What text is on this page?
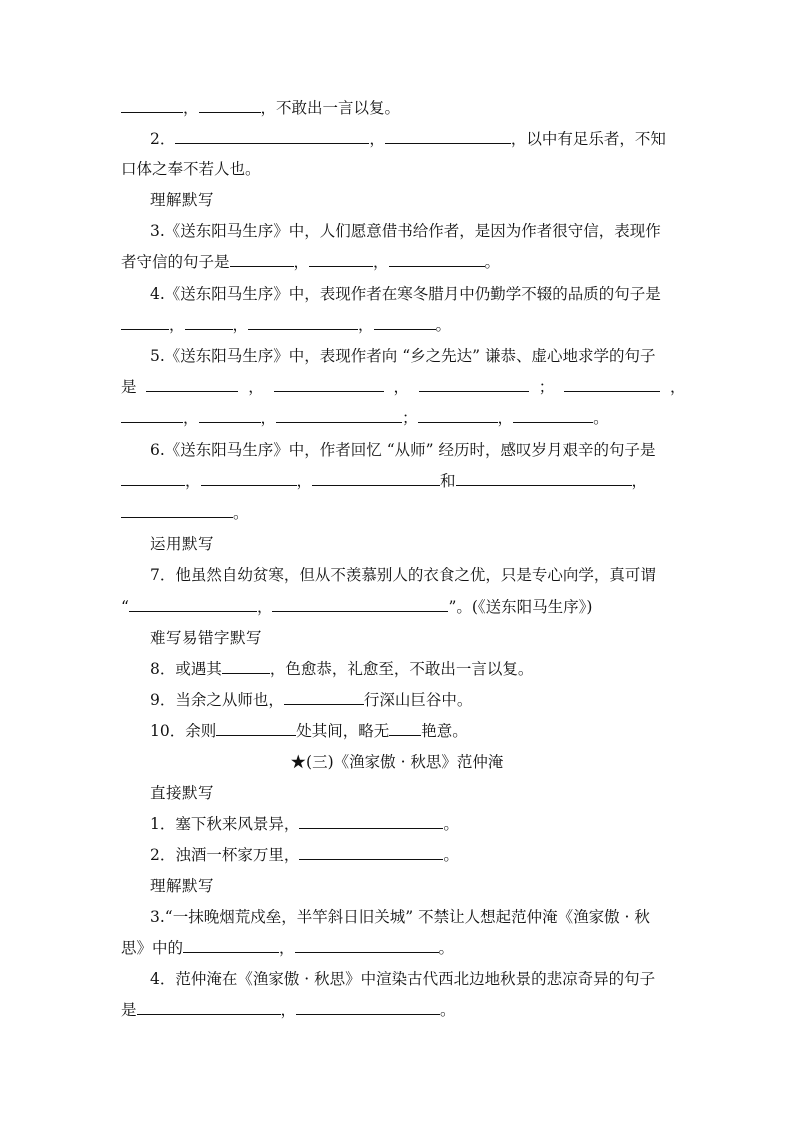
，	，不敢出一言以复。
2．	，	，以中有足乐者，不知
口体之奉不若人也。
理解默写
3.《送东阳马生序》中，人们愿意借书给作者，是因为作者很守信，表现作
者守信的句子是	，	，	。
4.《送东阳马生序》中，表现作者在寒冬腊月中仍勤学不辍的品质的句子是
，	，	，	。
5.《送东阳马生序》中，表现作者向 “乡之先达” 谦恭、虚心地求学的句子
是	，	，	；	，
，	，	；	，	。
6.《送东阳马生序》中，作者回忆 “从师” 经历时，感叹岁月艰辛的句子是
，	，	和	，
。
运用默写
7．他虽然自幼贫寒，但从不羡慕别人的衣食之优，只是专心向学，真可谓
“	，	”。(《送东阳马生序》)
难写易错字默写
8．或遇其	，色愈恭，礼愈至，不敢出一言以复。
9．当余之从师也，	行深山巨谷中。
10．余则	处其间，略无 艳意。
★(三)《渔家傲 · 秋思》范仲淹
直接默写
1．塞下秋来风景异，	。
2．浊酒一杯家万里，	。
理解默写
3.“一抹晚烟荒戍垒，半竿斜日旧关城” 不禁让人想起范仲淹《渔家傲 · 秋
思》中的	，	。
4．范仲淹在《渔家傲 · 秋思》中渲染古代西北边地秋景的悲凉奇异的句子
是	，	。
